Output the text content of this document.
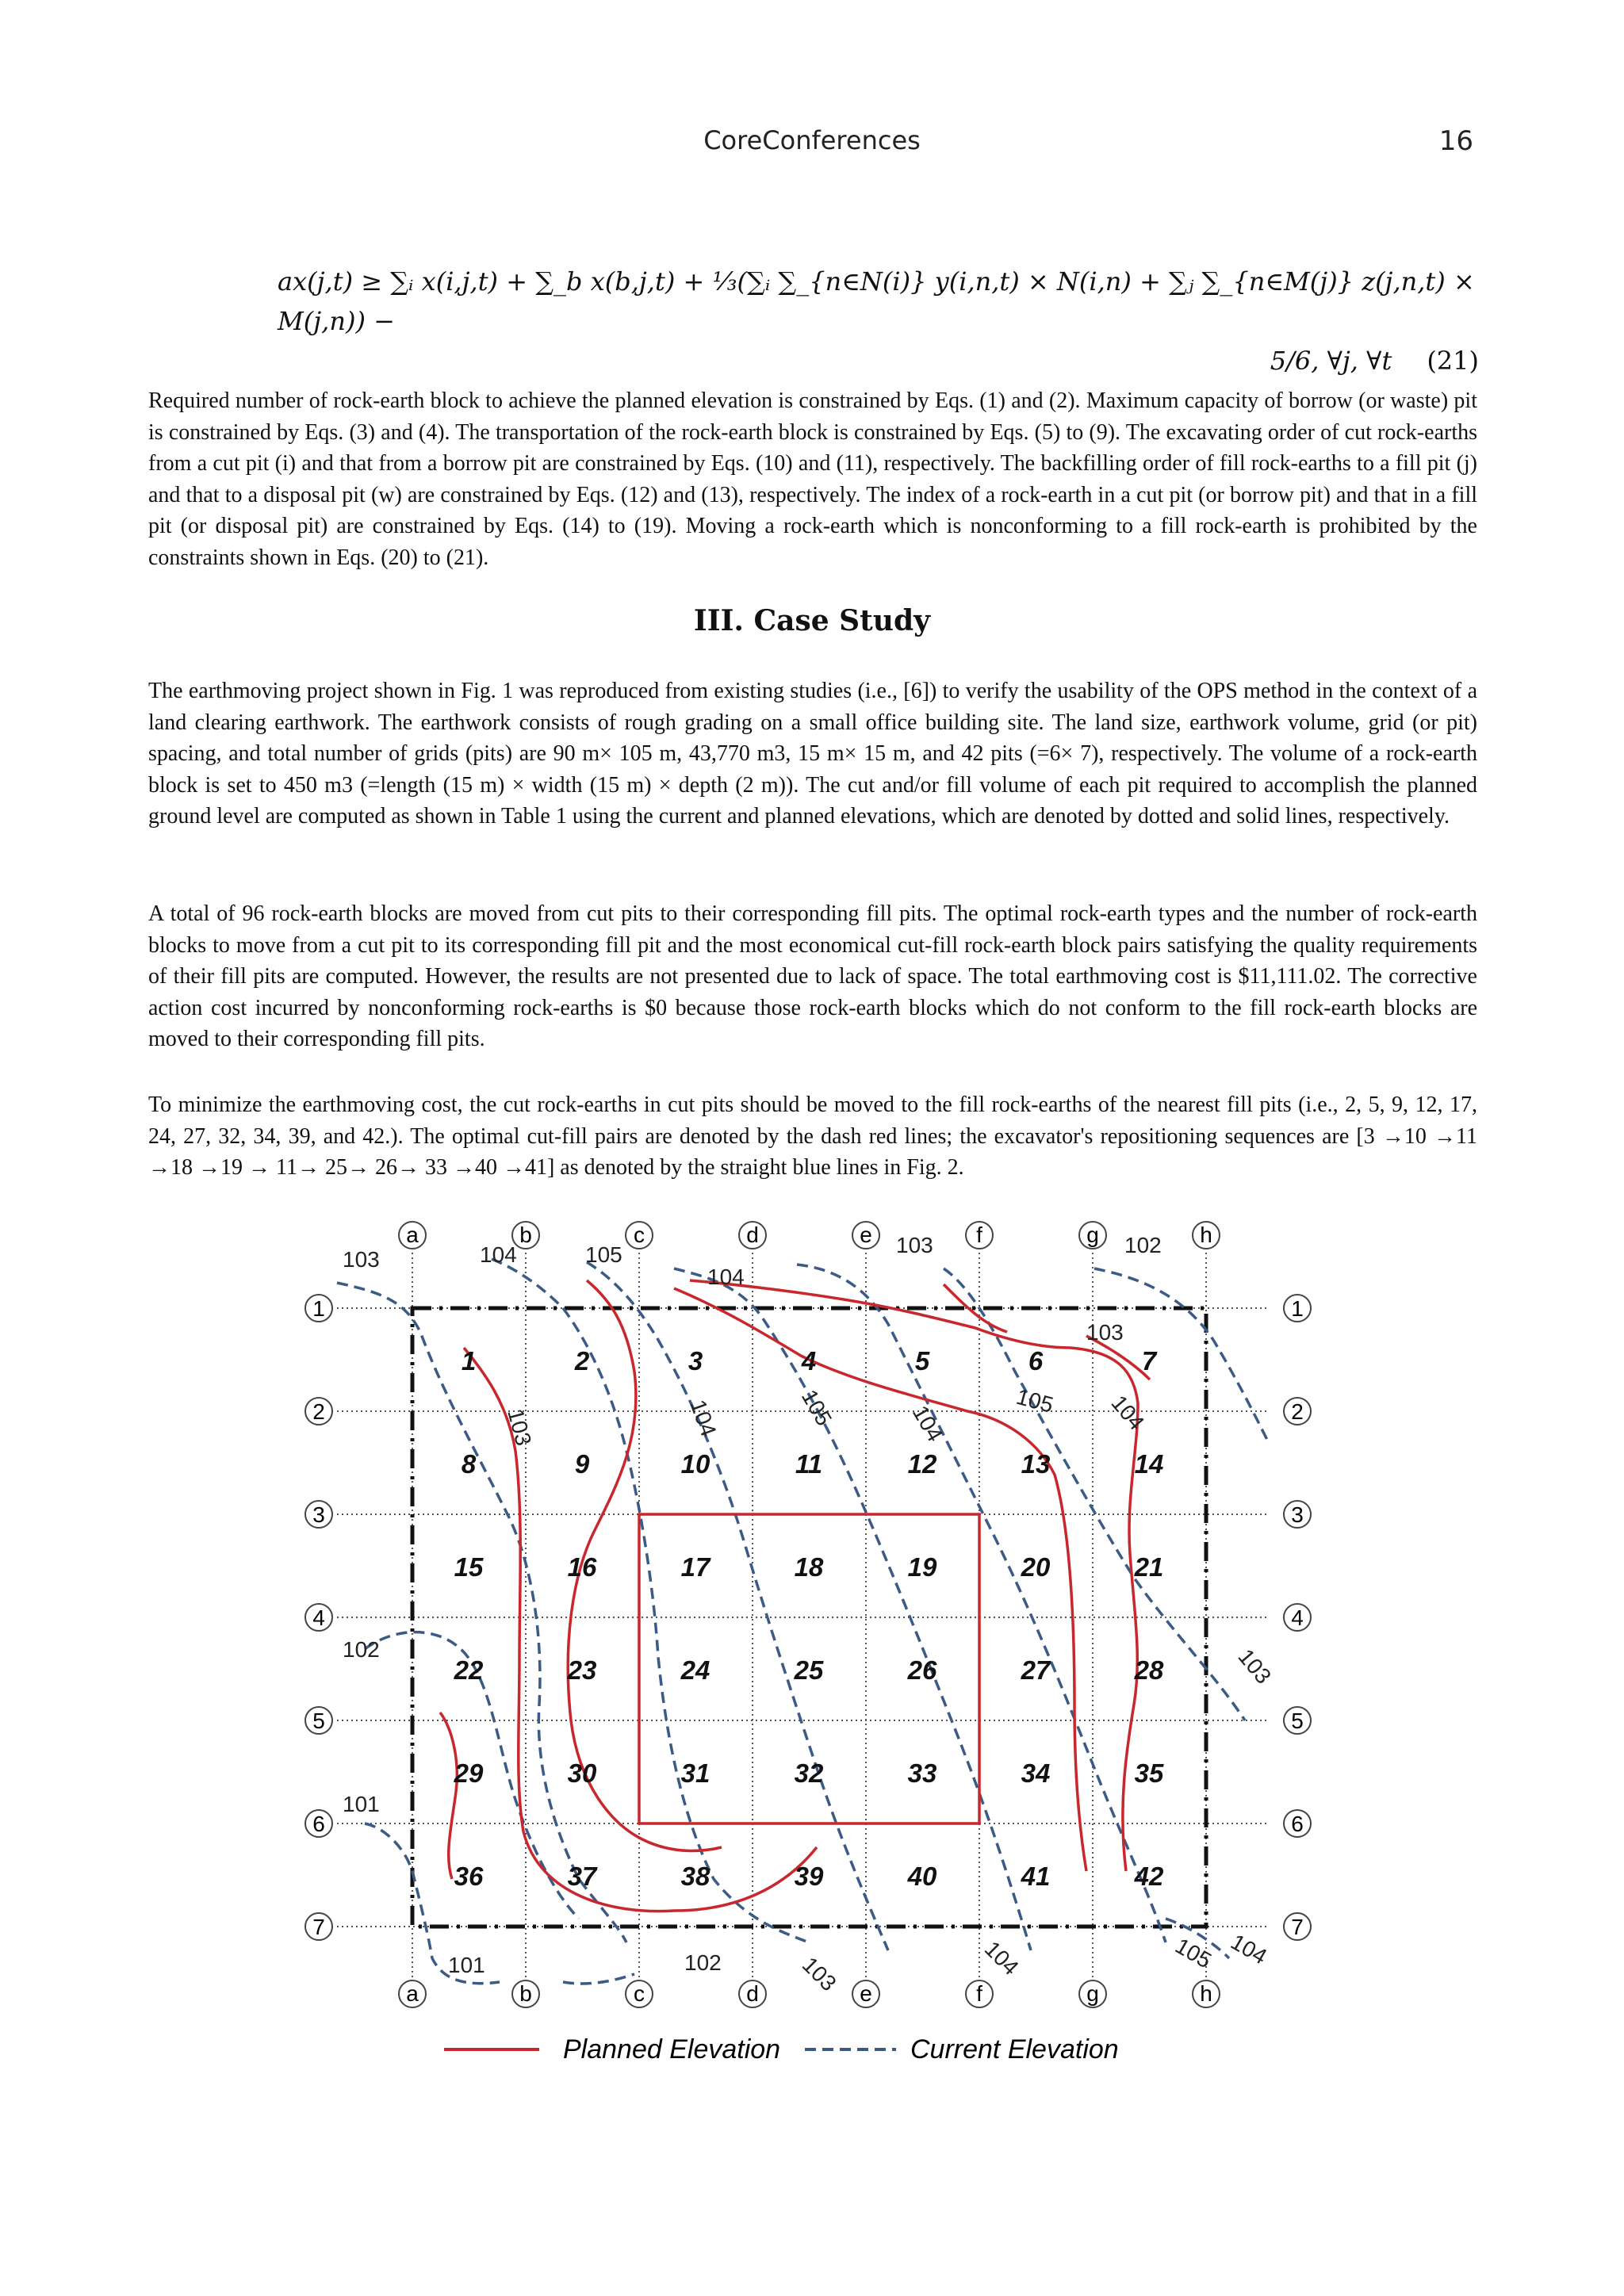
CoreConferences	16
ax(j,t) ≥ ∑ᵢ x(i,j,t) + ∑_b x(b,j,t) + ⅓(∑ᵢ ∑_{n∈N(i)} y(i,n,t) × N(i,n) + ∑ⱼ ∑_{n∈M(j)} z(j,n,t) × M(j,n)) −
5/6, ∀j, ∀t (21)

Required number of rock-earth block to achieve the planned elevation is constrained by Eqs. (1) and (2). Maximum capacity of borrow (or waste) pit is constrained by Eqs. (3) and (4). The transportation of the rock-earth block is constrained by Eqs. (5) to (9). The excavating order of cut rock-earths from a cut pit (i) and that from a borrow pit are constrained by Eqs. (10) and (11), respectively. The backfilling order of fill rock-earths to a fill pit (j) and that to a disposal pit (w) are constrained by Eqs. (12) and (13), respectively. The index of a rock-earth in a cut pit (or borrow pit) and that in a fill pit (or disposal pit) are constrained by Eqs. (14) to (19). Moving a rock-earth which is nonconforming to a fill rock-earth is prohibited by the constraints shown in Eqs. (20) to (21).

III. Case Study

The earthmoving project shown in Fig. 1 was reproduced from existing studies (i.e., [6]) to verify the usability of the OPS method in the context of a land clearing earthwork. The earthwork consists of rough grading on a small office building site. The land size, earthwork volume, grid (or pit) spacing, and total number of grids (pits) are 90 m× 105 m, 43,770 m3, 15 m× 15 m, and 42 pits (=6× 7), respectively. The volume of a rock-earth block is set to 450 m3 (=length (15 m) × width (15 m) × depth (2 m)). The cut and/or fill volume of each pit required to accomplish the planned ground level are computed as shown in Table 1 using the current and planned elevations, which are denoted by dotted and solid lines, respectively.

A total of 96 rock-earth blocks are moved from cut pits to their corresponding fill pits. The optimal rock-earth types and the number of rock-earth blocks to move from a cut pit to its corresponding fill pit and the most economical cut-fill rock-earth block pairs satisfying the quality requirements of their fill pits are computed. However, the results are not presented due to lack of space. The total earthmoving cost is $11,111.02. The corrective action cost incurred by nonconforming rock-earths is $0 because those rock-earth blocks which do not conform to the fill rock-earth blocks are moved to their corresponding fill pits.

To minimize the earthmoving cost, the cut rock-earths in cut pits should be moved to the fill rock-earths of the nearest fill pits (i.e., 2, 5, 9, 12, 17, 24, 27, 32, 34, 39, and 42.). The optimal cut-fill pairs are denoted by the dash red lines; the excavator's repositioning sequences are [3 →10 →11 →18 →19 → 11→ 25→ 26→ 33 →40 →41] as denoted by the straight blue lines in Fig. 2.

a	b	c	d	e	f	g	h
a	b	c	d	e	f	g	h
1
2
3
4
5
6
7
1
2
3
4
5
6
7
1	2	3	4	5	6	7
8	9	10	11	12	13	14
15	16	17	18	19	20	21
22	23	24	25	26	27	28
29	30	31	32	33	34	35
36	37	38	39	40	41	42
103	104	105
104
103	102
103
103
104	105	104
105 104
102	103
101
101	102	103	104	105 104
Planned Elevation	Current Elevation
